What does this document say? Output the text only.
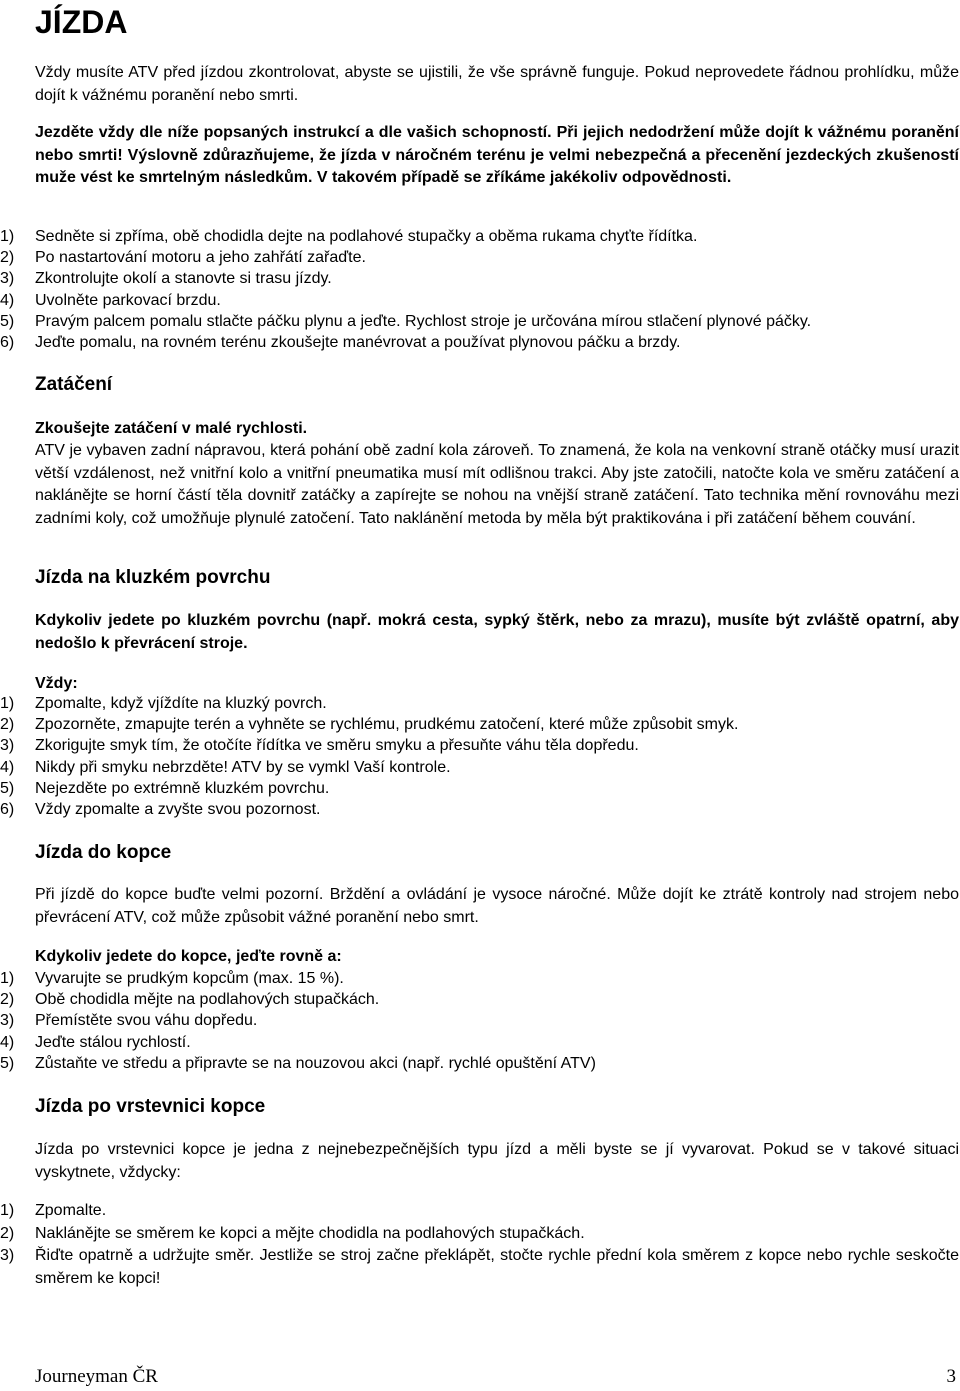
JÍZDA

Vždy musíte ATV před jízdou zkontrolovat, abyste se ujistili, že vše správně funguje. Pokud neprovedete řádnou prohlídku, může dojít k vážnému poranění nebo smrti.

Jezděte vždy dle níže popsaných instrukcí a dle vašich schopností. Při jejich nedodržení může dojít k vážnému poranění nebo smrti! Výslovně zdůrazňujeme, že jízda v náročném terénu je velmi nebezpečná a přecenění jezdeckých zkušeností muže vést ke smrtelným následkům. V takovém případě se zříkáme jakékoliv odpovědnosti.

1)	Sedněte si zpříma, obě chodidla dejte na podlahové stupačky a oběma rukama chyťte řídítka.
2)	Po nastartování motoru a jeho zahřátí zařaďte.
3)	Zkontrolujte okolí a stanovte si trasu jízdy.
4)	Uvolněte parkovací brzdu.
5)	Pravým palcem pomalu stlačte páčku plynu a jeďte. Rychlost stroje je určována mírou stlačení plynové páčky.
6)	Jeďte pomalu, na rovném terénu zkoušejte manévrovat a používat plynovou páčku a brzdy.
Zatáčení

Zkoušejte zatáčení v malé rychlosti.

ATV je vybaven zadní nápravou, která pohání obě zadní kola zároveň. To znamená, že kola na venkovní straně otáčky musí urazit větší vzdálenost, než vnitřní kolo a vnitřní pneumatika musí mít odlišnou trakci. Aby jste zatočili, natočte kola ve směru zatáčení a naklánějte se horní částí těla dovnitř zatáčky a zapírejte se nohou na vnější straně zatáčení. Tato technika mění rovnováhu mezi zadními koly, což umožňuje plynulé zatočení. Tato naklánění metoda by měla být praktikována i při zatáčení během couvání.

Jízda na kluzkém povrchu

Kdykoliv jedete po kluzkém povrchu (např. mokrá cesta, sypký štěrk, nebo za mrazu), musíte být zvláště opatrní, aby nedošlo k převrácení stroje.

Vždy:

1)	Zpomalte, když vjíždíte na kluzký povrch.
2)	Zpozorněte, zmapujte terén a vyhněte se rychlému, prudkému zatočení, které může způsobit smyk.
3)	Zkorigujte smyk tím, že otočíte řídítka ve směru smyku a přesuňte váhu těla dopředu.
4)	Nikdy při smyku nebrzděte! ATV by se vymkl Vaší kontrole.
5)	Nejezděte po extrémně kluzkém povrchu.
6)	Vždy zpomalte a zvyšte svou pozornost.
Jízda do kopce

Při jízdě do kopce buďte velmi pozorní. Brždění a ovládání je vysoce náročné. Může dojít ke ztrátě kontroly nad strojem nebo převrácení ATV, což může způsobit vážné poranění nebo smrt.

Kdykoliv jedete do kopce, jeďte rovně a:

1)	Vyvarujte se prudkým kopcům (max. 15 %).
2)	Obě chodidla mějte na podlahových stupačkách.
3)	Přemístěte svou váhu dopředu.
4)	Jeďte stálou rychlostí.
5)	Zůstaňte ve středu a připravte se na nouzovou akci (např. rychlé opuštění ATV)
Jízda po vrstevnici kopce

Jízda po vrstevnici kopce je jedna z nejnebezpečnějších typu jízd a měli byste se jí vyvarovat. Pokud se v takové situaci vyskytnete, vždycky:

1)	Zpomalte.
2)	Nakláněјte se směrem ke kopci a mějte chodidla na podlahových stupačkách.
3)	Řiďte opatrně a udržujte směr. Jestliže se stroj začne překlápět, stočte rychle přední kola směrem z kopce nebo rychle seskočte směrem ke kopci!
Journeyman ČR	3
